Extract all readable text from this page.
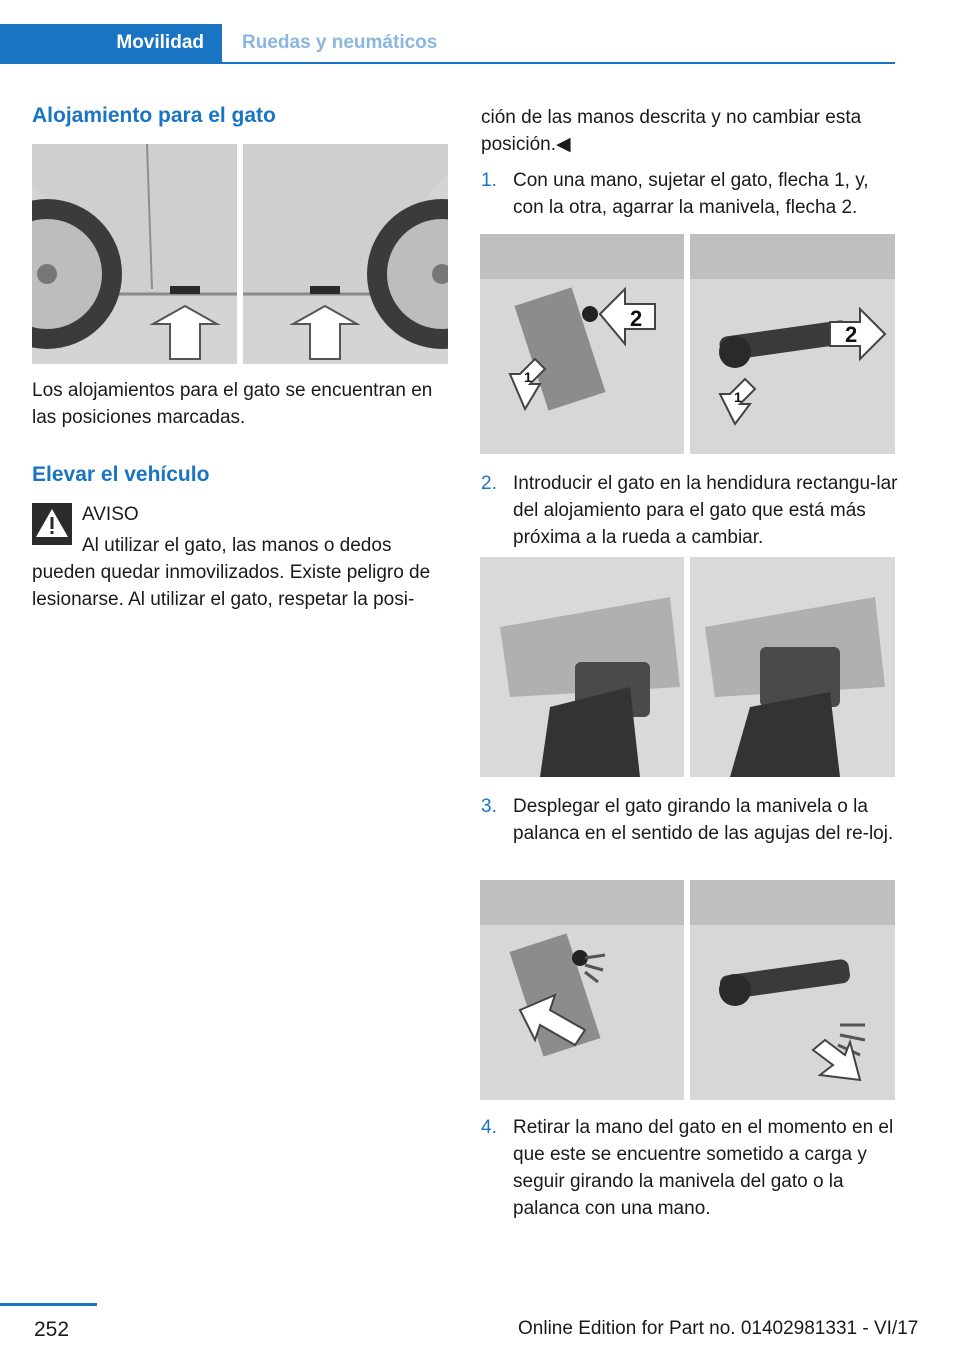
Movilidad	Ruedas y neumáticos
Alojamiento para el gato

Los alojamientos para el gato se encuentran en las posiciones marcadas.

Elevar el vehículo

AVISO

Al utilizar el gato, las manos o dedos pueden quedar inmovilizados. Existe peligro de lesionarse. Al utilizar el gato, respetar la posi-

ción de las manos descrita y no cambiar esta posición.◀

1. Con una mano, sujetar el gato, flecha 1, y, con la otra, agarrar la manivela, flecha 2.

2
1
2
1
2. Introducir el gato en la hendidura rectangu-lar del alojamiento para el gato que está más próxima a la rueda a cambiar.

3. Desplegar el gato girando la manivela o la palanca en el sentido de las agujas del re-loj.

4. Retirar la mano del gato en el momento en el que este se encuentre sometido a carga y seguir girando la manivela del gato o la palanca con una mano.

252	Online Edition for Part no. 01402981331 - VI/17
